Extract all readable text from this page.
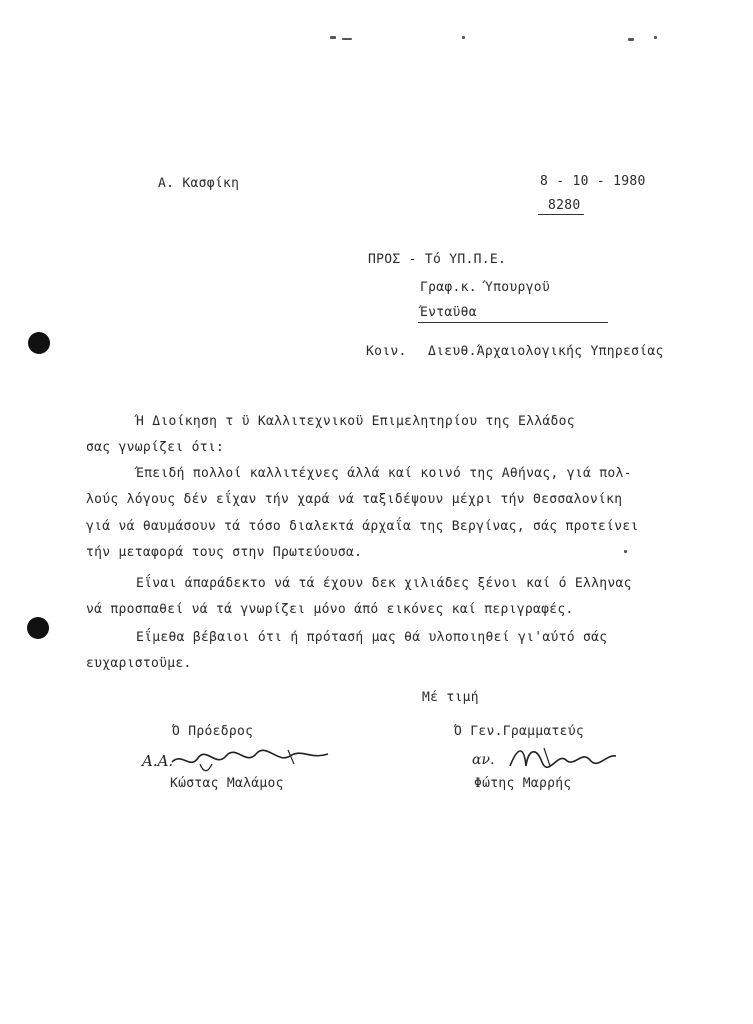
Α. Κασφίκη	8 - 10 - 1980
8280
ΠΡΟΣ - Τό ΥΠ.Π.Ε.
Γραφ.κ. Ύπουργοϋ
Ένταϋθα
Κοιν. Διευθ.Άρχαιολογικής Υπηρεσίας
Ή Διοίκηση τ ϋ Καλλιτεχνικοϋ Επιμελητηρίου της Ελλάδος
σας γνωρίζει ότι:
Έπειδή πολλοί καλλιτέχνες άλλά καί κοινό της Αθήνας, γιά πολ-
λούς λόγους δέν εΐχαν τήν χαρά νά ταξιδέψουν μέχρι τήν Θεσσαλονίκη
γιά νά θαυμάσουν τά τόσο διαλεκτά άρχαΐα της Βεργίνας, σάς προτείνει
τήν μεταφορά τους στην Πρωτεύουσα.
Εΐναι άπαράδεκτο νά τά έχουν δεκ χιλιάδες ξένοι καί ό Ελληνας
νά προσπαθεί νά τά γνωρίζει μόνο άπό εικόνες καί περιγραφές.
Εΐμεθα βέβαιοι ότι ή πρότασή μας θά υλοποιηθεί γι'αύτό σάς
ευχαριστοϋμε.
Μέ τιμή
Ό Πρόεδρος
Α.Α.
Κώστας Μαλάμος
Ό Γεν.Γραμματεύς
αν.
Φώτης Μαρρής
